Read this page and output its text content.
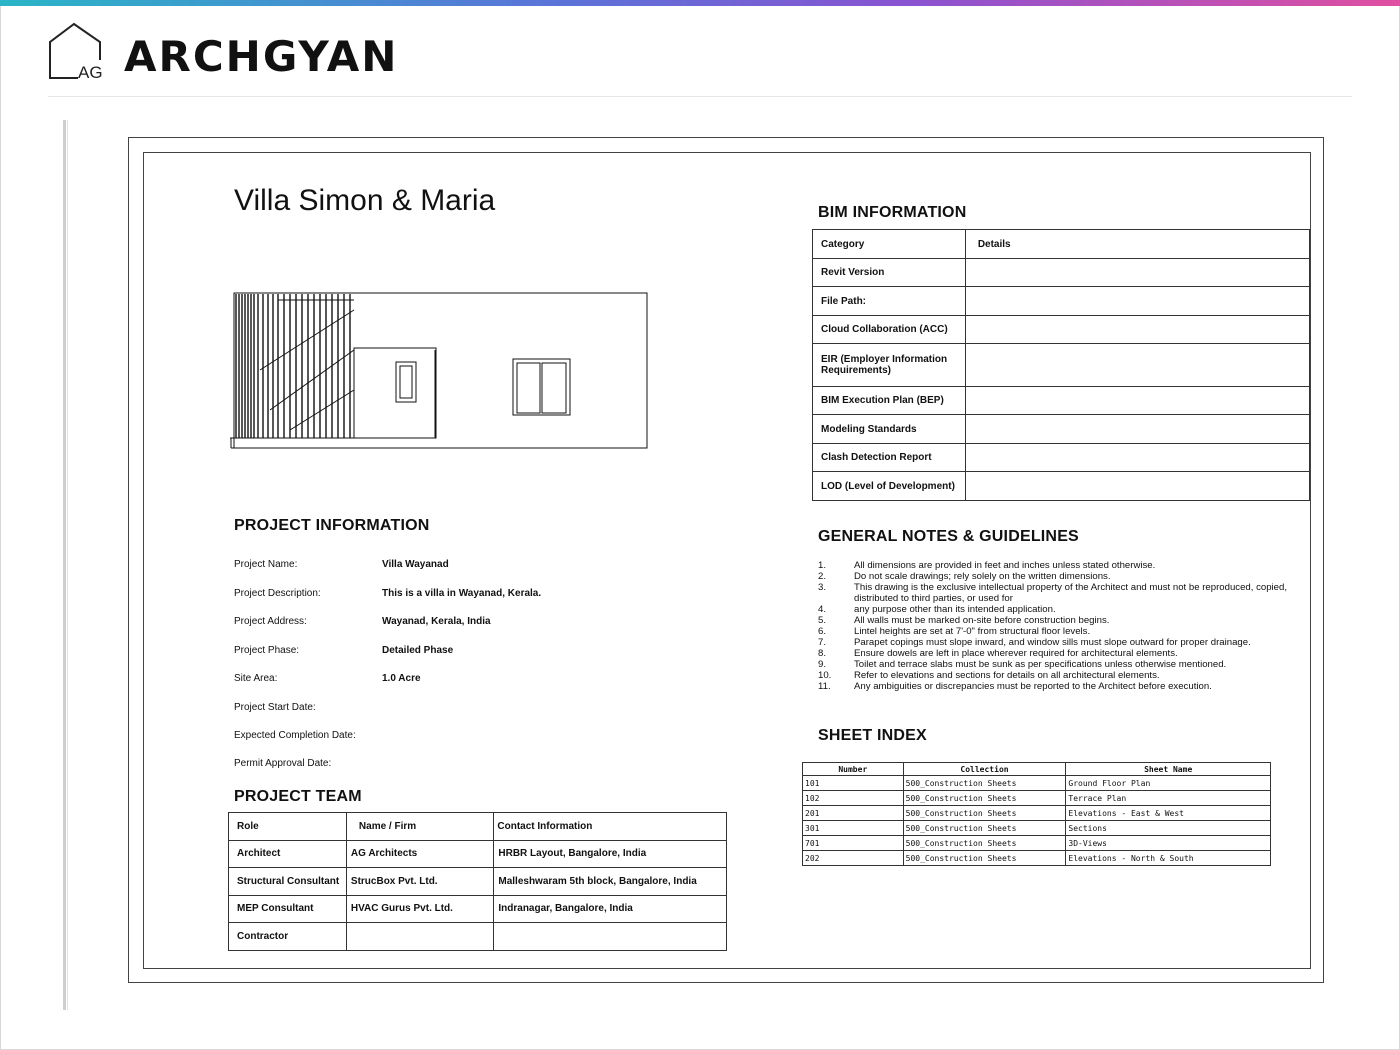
AG ARCHGYAN
Villa Simon & Maria
PROJECT INFORMATION
Project Name:	Villa Wayanad
Project Description:	This is a villa in Wayanad, Kerala.
Project Address:	Wayanad, Kerala, India
Project Phase:	Detailed Phase
Site Area:	1.0 Acre
Project Start Date:
Expected Completion Date:
Permit Approval Date:
PROJECT TEAM
Role	Name / Firm	Contact Information
Architect	AG Architects	HRBR Layout, Bangalore, India
Structural Consultant	StrucBox Pvt. Ltd.	Malleshwaram 5th block, Bangalore, India
MEP Consultant	HVAC Gurus Pvt. Ltd.	Indranagar, Bangalore, India
Contractor		
BIM INFORMATION
Category	Details
Revit Version	
File Path:	
Cloud Collaboration (ACC)	
EIR (Employer Information Requirements)	
BIM Execution Plan (BEP)	
Modeling Standards	
Clash Detection Report	
LOD (Level of Development)	
GENERAL NOTES & GUIDELINES
1.	All dimensions are provided in feet and inches unless stated otherwise.
2.	Do not scale drawings; rely solely on the written dimensions.
3.	This drawing is the exclusive intellectual property of the Architect and must not be reproduced, copied, distributed to third parties, or used for
4.	any purpose other than its intended application.
5.	All walls must be marked on-site before construction begins.
6.	Lintel heights are set at 7'-0" from structural floor levels.
7.	Parapet copings must slope inward, and window sills must slope outward for proper drainage.
8.	Ensure dowels are left in place wherever required for architectural elements.
9.	Toilet and terrace slabs must be sunk as per specifications unless otherwise mentioned.
10. Refer to elevations and sections for details on all architectural elements.
11. Any ambiguities or discrepancies must be reported to the Architect before execution.
SHEET INDEX
Number	Collection	Sheet Name
101	500_Construction Sheets	Ground Floor Plan
102	500_Construction Sheets	Terrace Plan
201	500_Construction Sheets	Elevations - East & West
301	500_Construction Sheets	Sections
701	500_Construction Sheets	3D-Views
202	500_Construction Sheets	Elevations - North & South
